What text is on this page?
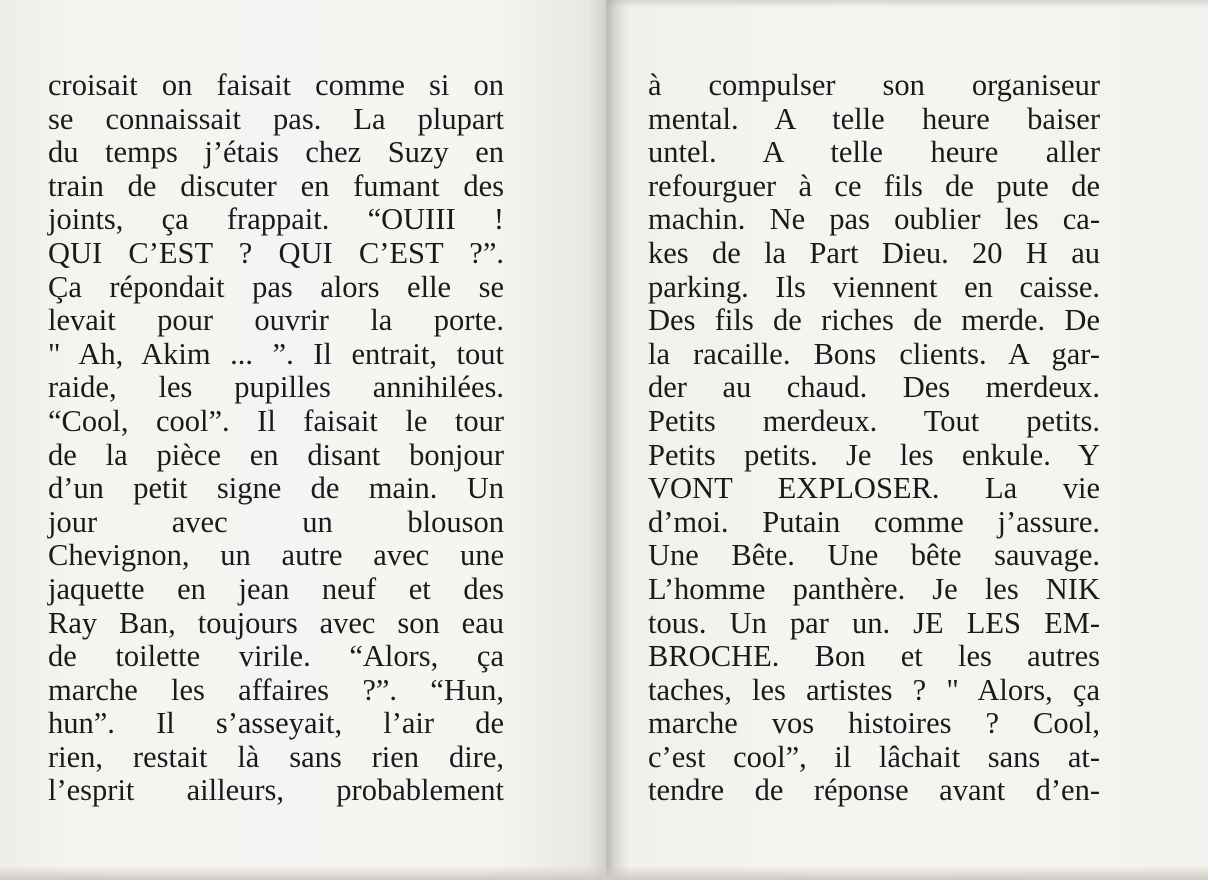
croisait on faisait comme si on
se connaissait pas. La plupart
du temps j’étais chez Suzy en
train de discuter en fumant des
joints, ça frappait. “OUIII !
QUI C’EST ? QUI C’EST ?”.
Ça répondait pas alors elle se
levait pour ouvrir la porte.
" Ah, Akim ... ”. Il entrait, tout
raide, les pupilles annihilées.
“Cool, cool”. Il faisait le tour
de la pièce en disant bonjour
d’un petit signe de main. Un
jour avec un blouson
Chevignon, un autre avec une
jaquette en jean neuf et des
Ray Ban, toujours avec son eau
de toilette virile. “Alors, ça
marche les affaires ?”. “Hun,
hun”. Il s’asseyait, l’air de
rien, restait là sans rien dire,
l’esprit ailleurs, probablement
à compulser son organiseur
mental. A telle heure baiser
untel. A telle heure aller
refourguer à ce fils de pute de
machin. Ne pas oublier les ca-
kes de la Part Dieu. 20 H au
parking. Ils viennent en caisse.
Des fils de riches de merde. De
la racaille. Bons clients. A gar-
der au chaud. Des merdeux.
Petits merdeux. Tout petits.
Petits petits. Je les enkule. Y
VONT EXPLOSER. La vie
d’moi. Putain comme j’assure.
Une Bête. Une bête sauvage.
L’homme panthère. Je les NIK
tous. Un par un. JE LES EM-
BROCHE. Bon et les autres
taches, les artistes ? " Alors, ça
marche vos histoires ? Cool,
c’est cool”, il lâchait sans at-
tendre de réponse avant d’en-
